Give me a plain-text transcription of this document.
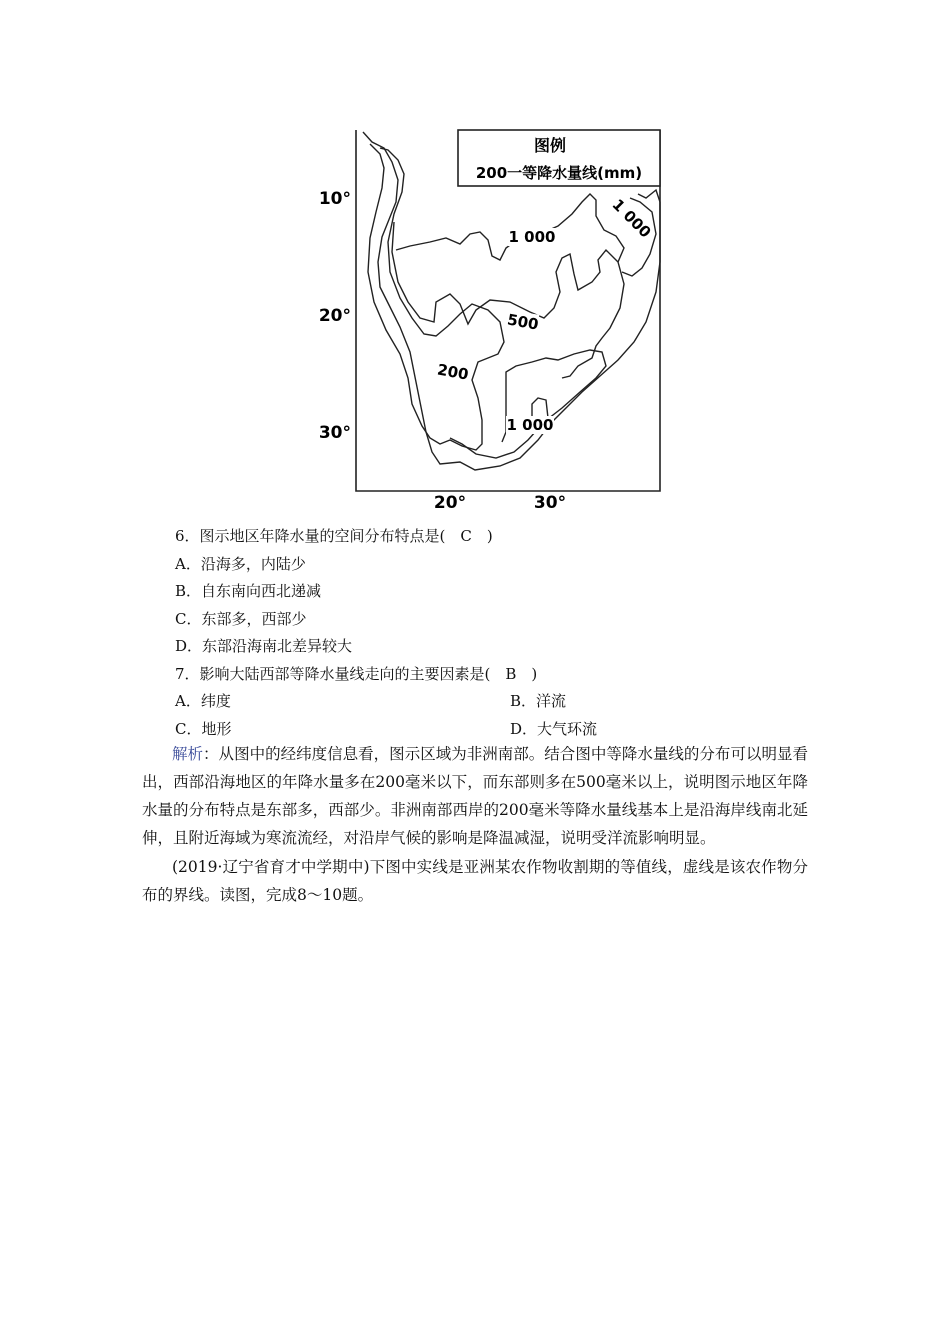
图例
200一等降水量线(mm)
10°
20°
30°
20°	30°
1 000	1 000
500
200
1 000
6．图示地区年降水量的空间分布特点是(　C　)
A．沿海多，内陆少
B．自东南向西北递减
C．东部多，西部少
D．东部沿海南北差异较大
7．影响大陆西部等降水量线走向的主要因素是(　B　)
A．纬度	B．洋流
C．地形	D．大气环流
解析：从图中的经纬度信息看，图示区域为非洲南部。结合图中等降水量线的分布可以明显看出，西部沿海地区的年降水量多在200毫米以下，而东部则多在500毫米以上，说明图示地区年降水量的分布特点是东部多，西部少。非洲南部西岸的200毫米等降水量线基本上是沿海岸线南北延伸，且附近海域为寒流流经，对沿岸气候的影响是降温减湿，说明受洋流影响明显。
(2019·辽宁省育才中学期中)下图中实线是亚洲某农作物收割期的等值线，虚线是该农作物分布的界线。读图，完成8～10题。
